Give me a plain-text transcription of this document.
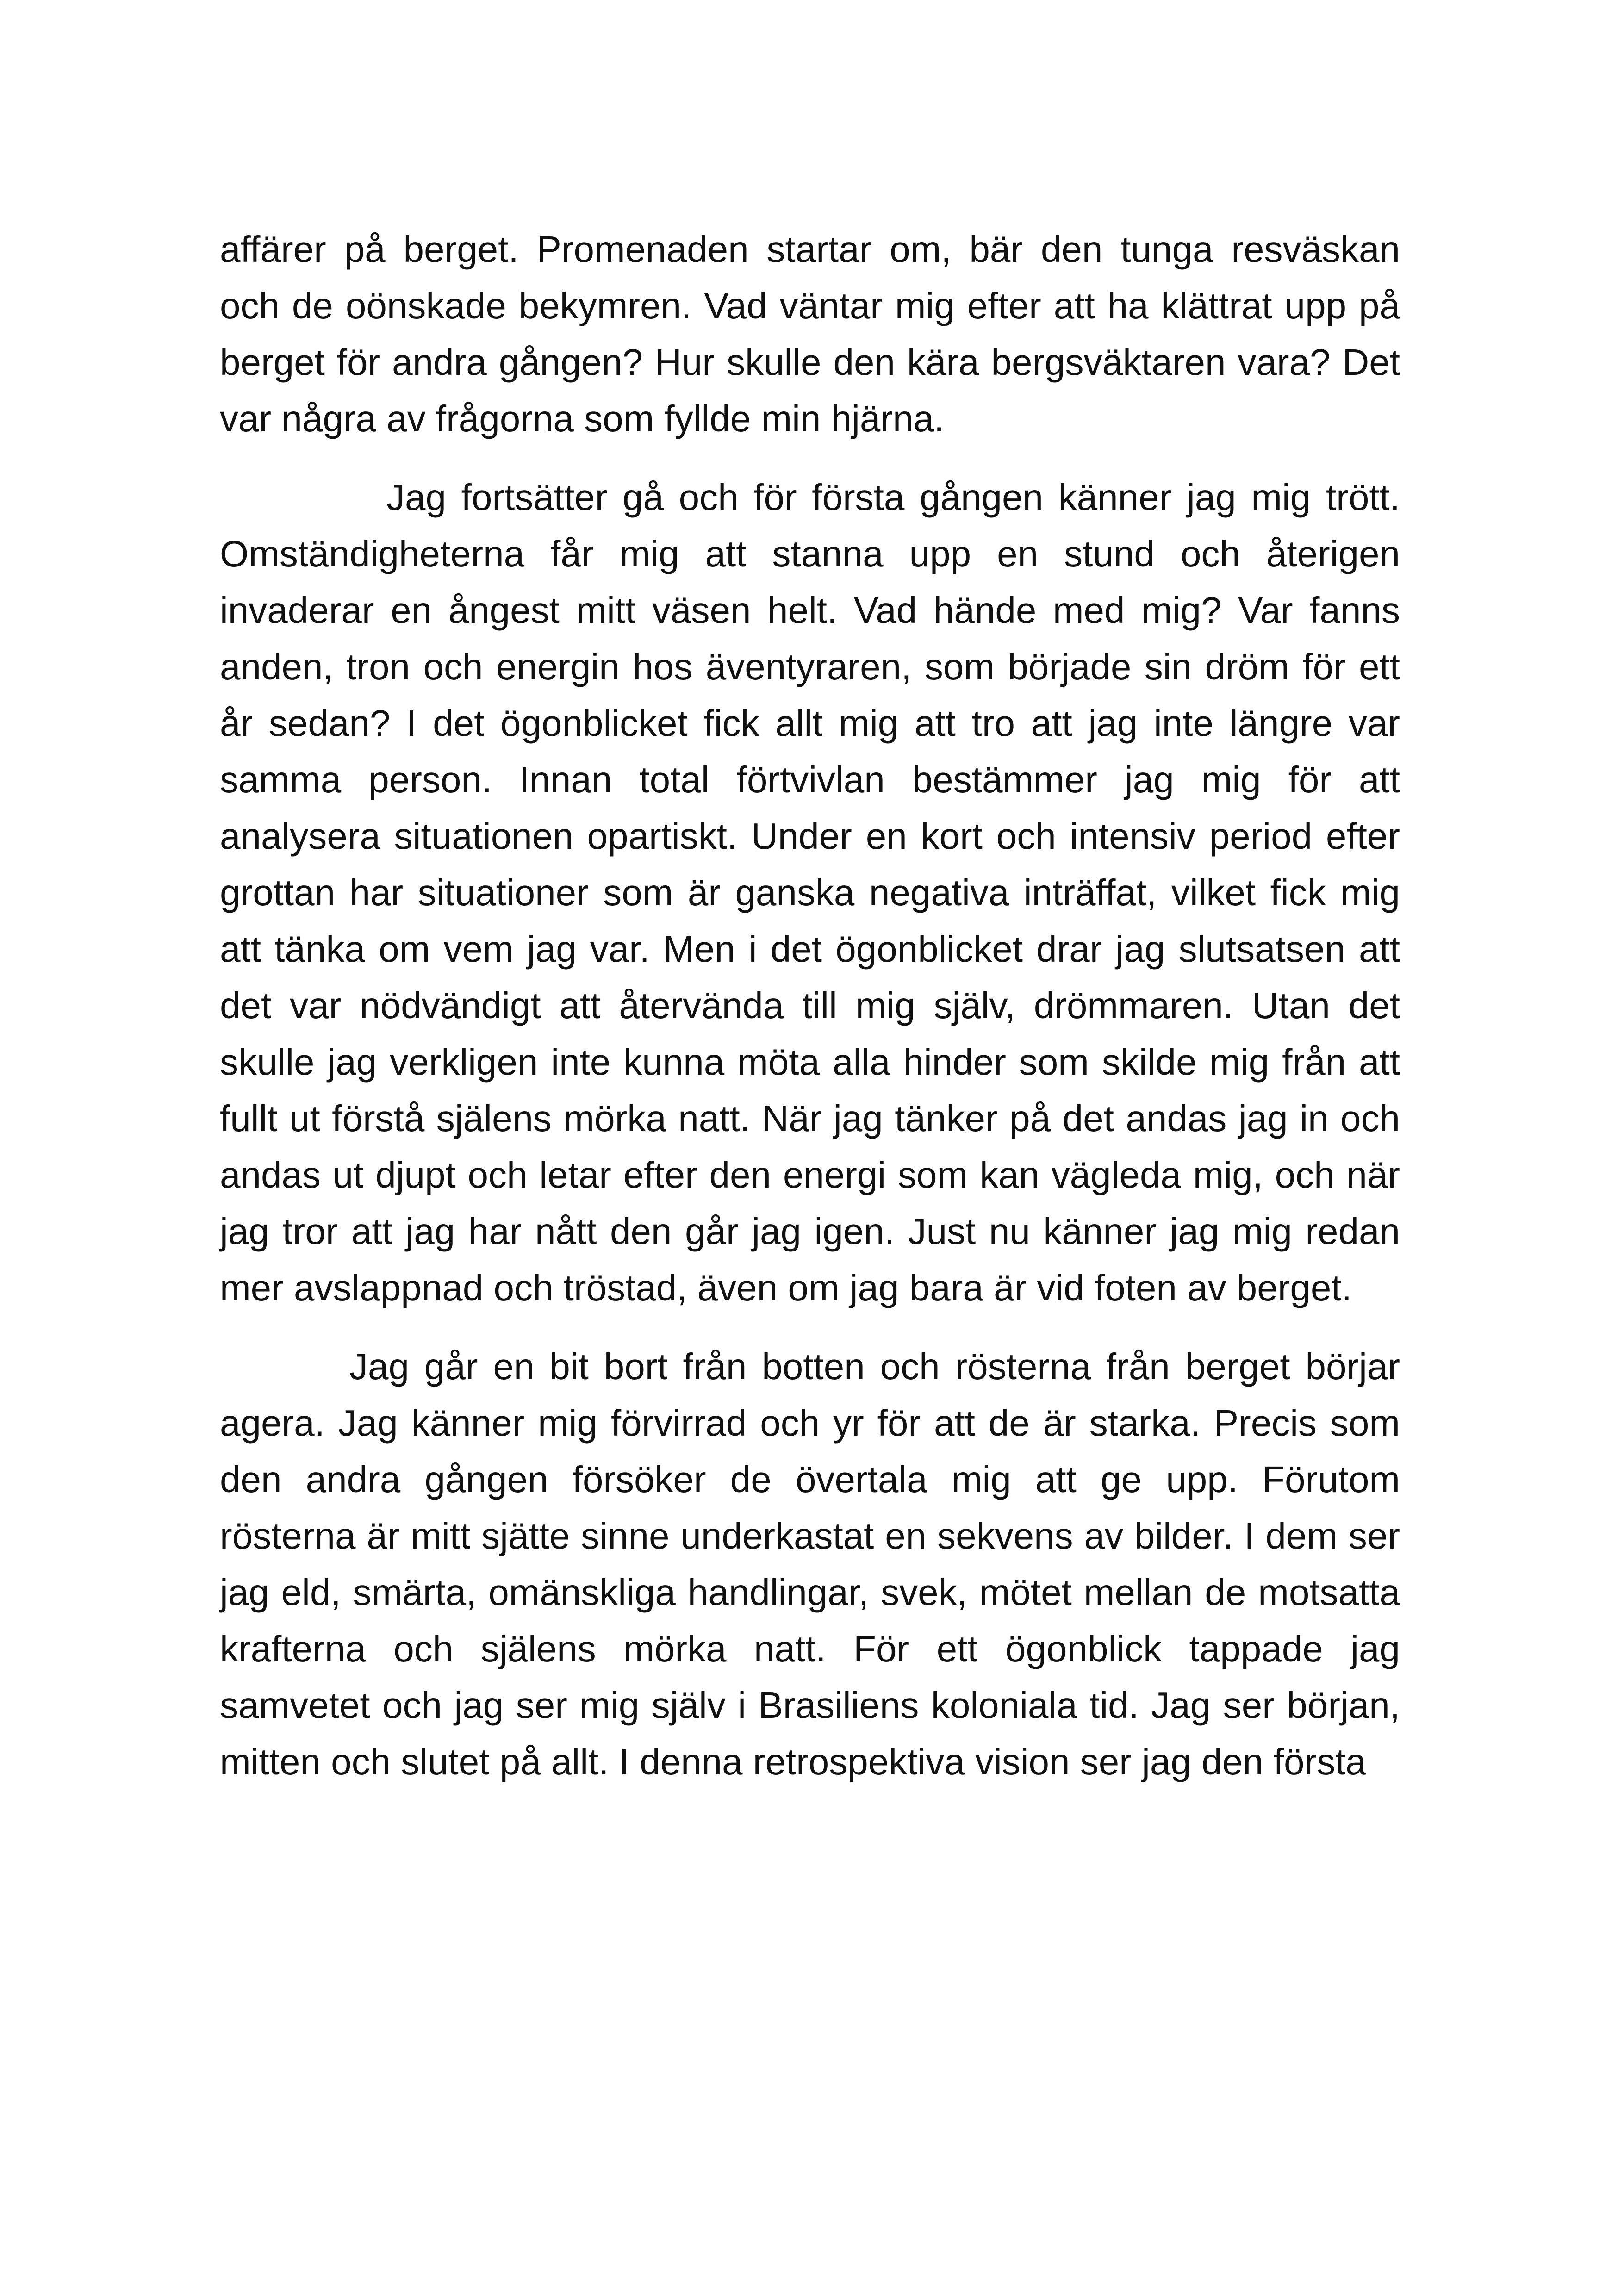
affärer på berget. Promenaden startar om, bär den tunga resväskan och de oönskade bekymren. Vad väntar mig efter att ha klättrat upp på berget för andra gången? Hur skulle den kära bergsväktaren vara? Det var några av frågorna som fyllde min hjärna.

Jag fortsätter gå och för första gången känner jag mig trött. Omständigheterna får mig att stanna upp en stund och återigen invaderar en ångest mitt väsen helt. Vad hände med mig? Var fanns anden, tron och energin hos äventyraren, som började sin dröm för ett år sedan? I det ögonblicket fick allt mig att tro att jag inte längre var samma person. Innan total förtvivlan bestämmer jag mig för att analysera situationen opartiskt. Under en kort och intensiv period efter grottan har situationer som är ganska negativa inträffat, vilket fick mig att tänka om vem jag var. Men i det ögonblicket drar jag slutsatsen att det var nödvändigt att återvända till mig själv, drömmaren. Utan det skulle jag verkligen inte kunna möta alla hinder som skilde mig från att fullt ut förstå själens mörka natt. När jag tänker på det andas jag in och andas ut djupt och letar efter den energi som kan vägleda mig, och när jag tror att jag har nått den går jag igen. Just nu känner jag mig redan mer avslappnad och tröstad, även om jag bara är vid foten av berget.

Jag går en bit bort från botten och rösterna från berget börjar agera. Jag känner mig förvirrad och yr för att de är starka. Precis som den andra gången försöker de övertala mig att ge upp. Förutom rösterna är mitt sjätte sinne underkastat en sekvens av bilder. I dem ser jag eld, smärta, omänskliga handlingar, svek, mötet mellan de motsatta krafterna och själens mörka natt. För ett ögonblick tappade jag samvetet och jag ser mig själv i Brasiliens koloniala tid. Jag ser början, mitten och slutet på allt. I denna retrospektiva vision ser jag den första
